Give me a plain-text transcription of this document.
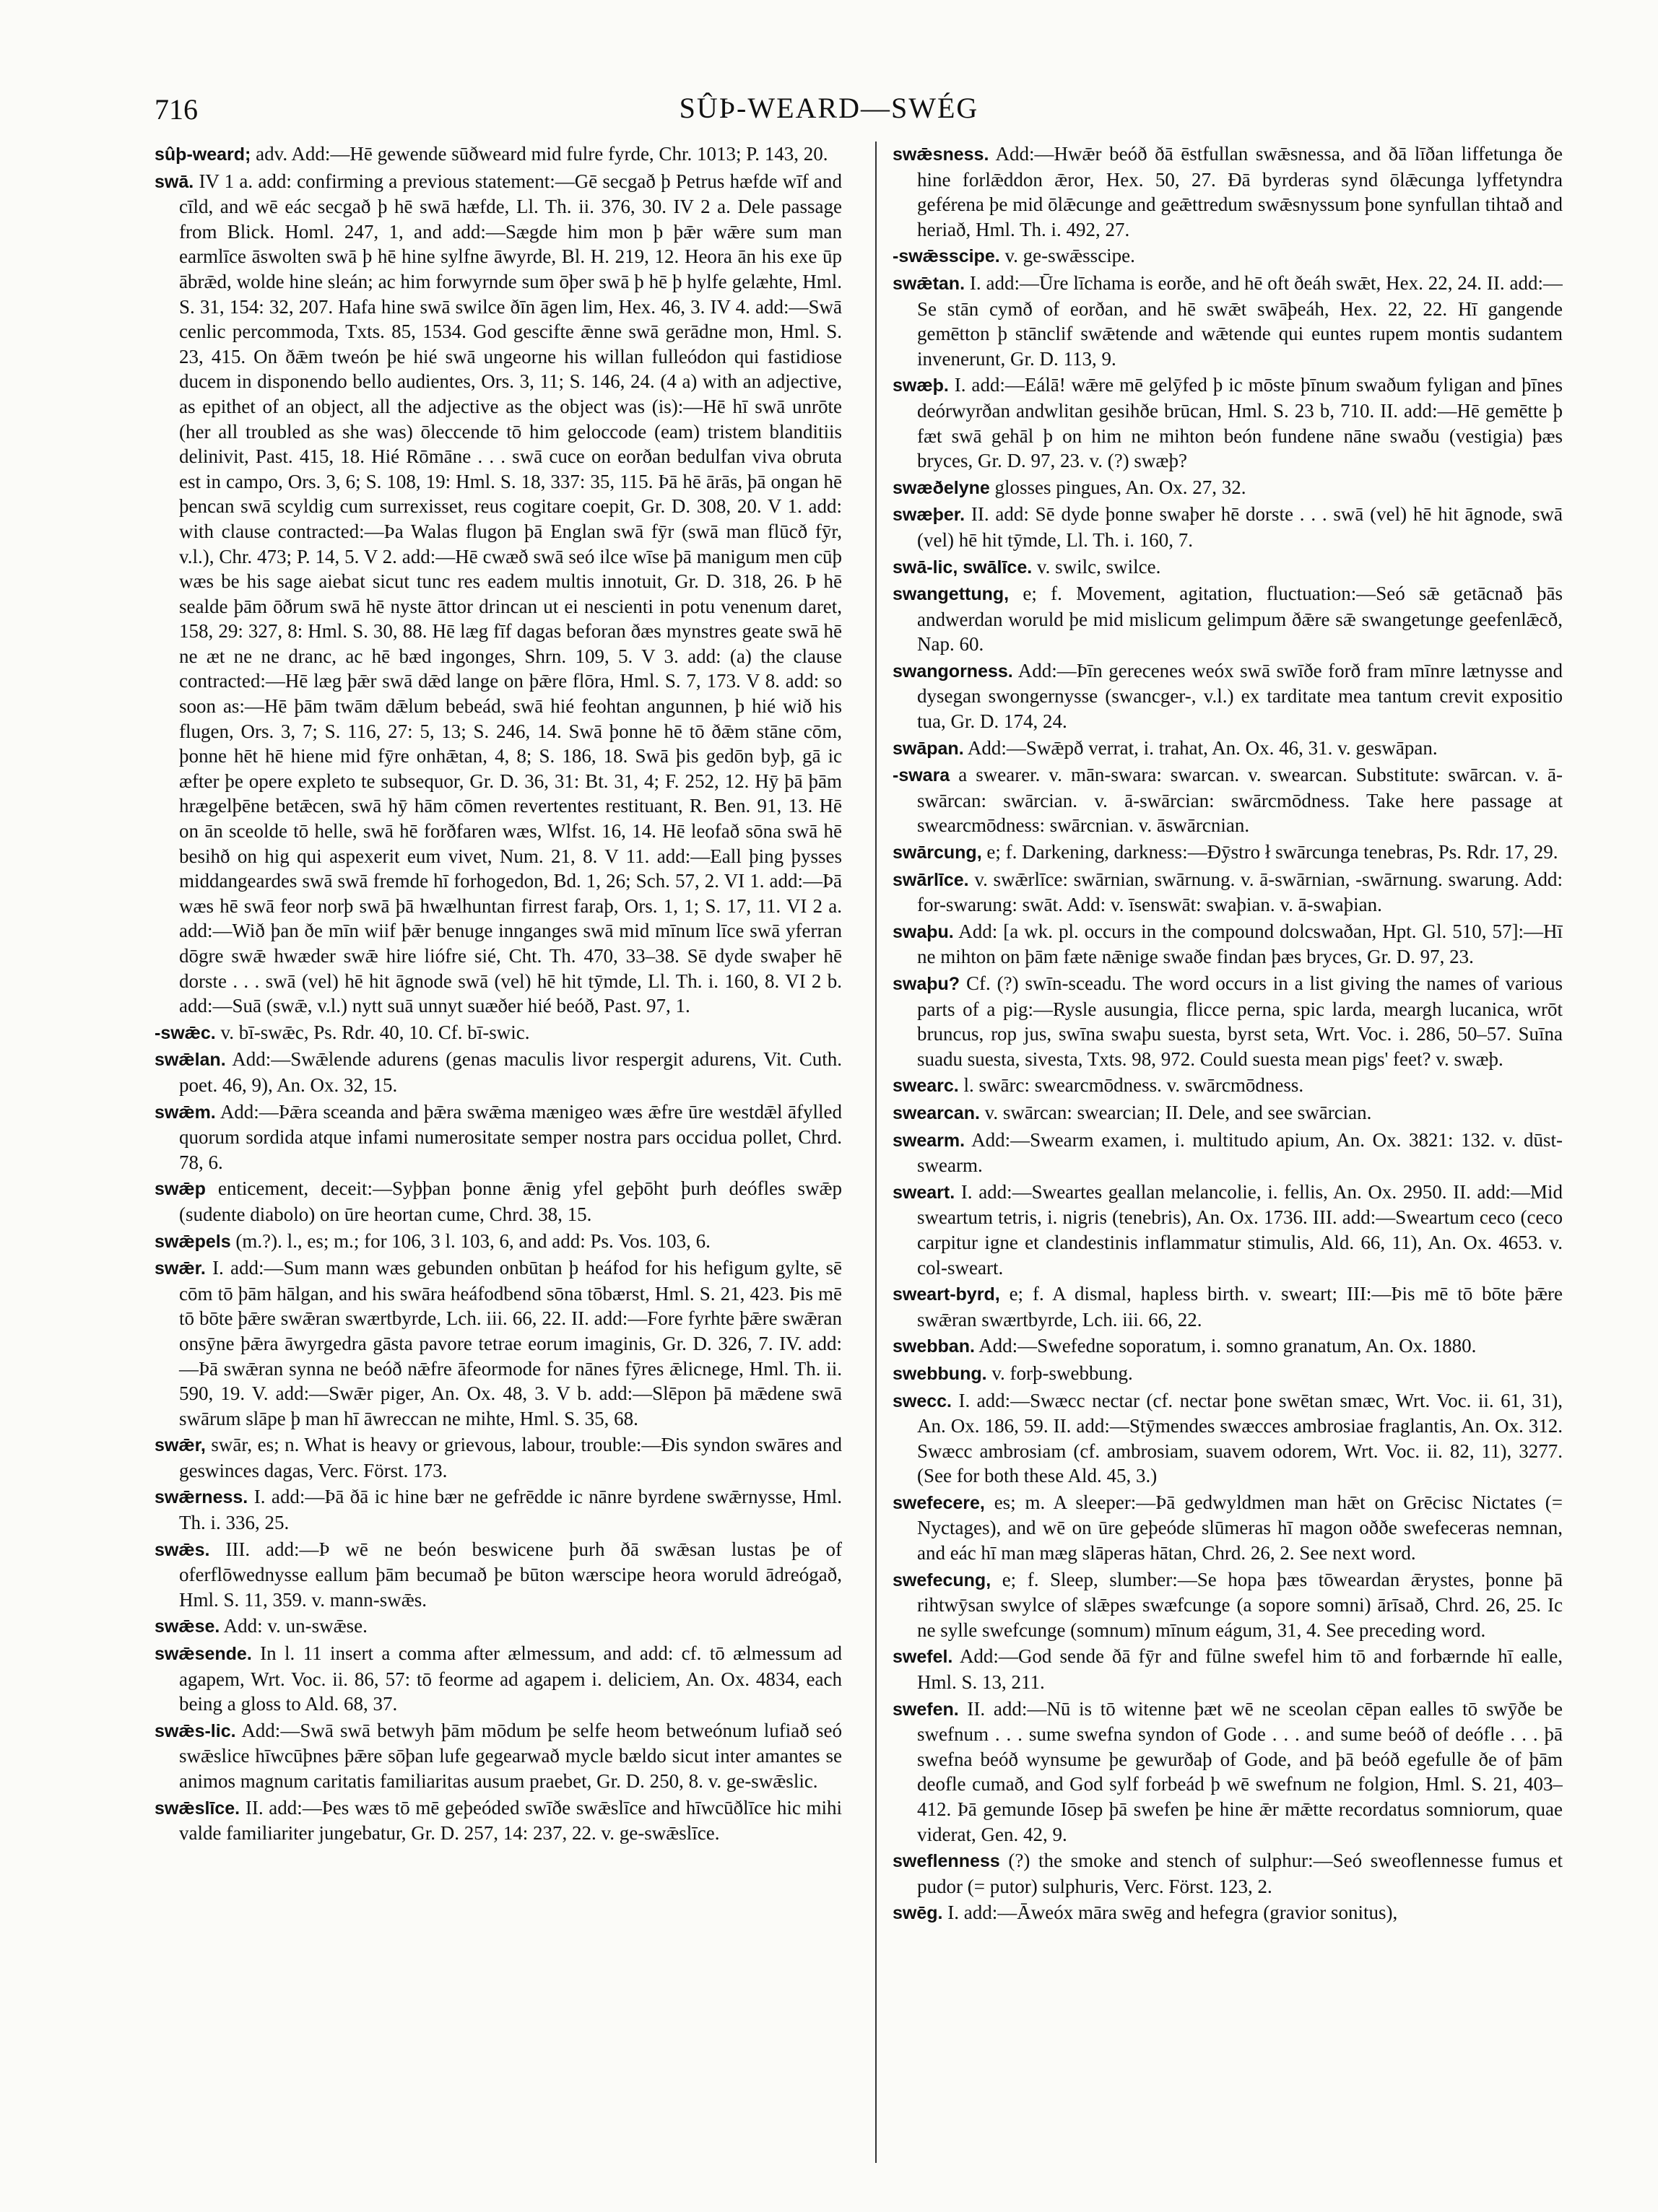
716	SÛÞ-WEARD—SWÉG

sûþ-weard; adv. Add:—Hē gewende sūðweard mid fulre fyrde, Chr. 1013; P. 143, 20.

swā. IV 1 a. add: confirming a previous statement:—Gē secgað þ Petrus hæfde wīf and cīld, and wē eác secgað þ hē swā hæfde, Ll. Th. ii. 376, 30. IV 2 a. Dele passage from Blick. Homl. 247, 1, and add:—Sægde him mon þ þǣr wǣre sum man earmlīce āswolten swā þ hē hine sylfne āwyrde, Bl. H. 219, 12. Heora ān his exe ūp ābrǣd, wolde hine sleán; ac him forwyrnde sum ōþer swā þ hē þ hylfe gelæhte, Hml. S. 31, 154: 32, 207. Hafa hine swā swilce ðīn āgen lim, Hex. 46, 3. IV 4. add:—Swā cenlic percommoda, Txts. 85, 1534. God gescifte ǣnne swā gerādne mon, Hml. S. 23, 415. On ðǣm tweón þe hié swā ungeorne his willan fulleódon qui fastidiose ducem in disponendo bello audientes, Ors. 3, 11; S. 146, 24. (4 a) with an adjective, as epithet of an object, all the adjective as the object was (is):—Hē hī swā unrōte (her all troubled as she was) ōleccende tō him geloccode (eam) tristem blanditiis delinivit, Past. 415, 18. Hié Rōmāne . . . swā cuce on eorðan bedulfan viva obruta est in campo, Ors. 3, 6; S. 108, 19: Hml. S. 18, 337: 35, 115. Þā hē ārās, þā ongan hē þencan swā scyldig cum surrexisset, reus cogitare coepit, Gr. D. 308, 20. V 1. add: with clause contracted:—Þa Walas flugon þā Englan swā fȳr (swā man flūcð fȳr, v.l.), Chr. 473; P. 14, 5. V 2. add:—Hē cwæð swā seó ilce wīse þā manigum men cūþ wæs be his sage aiebat sicut tunc res eadem multis innotuit, Gr. D. 318, 26. Þ hē sealde þām ōðrum swā hē nyste āttor drincan ut ei nescienti in potu venenum daret, 158, 29: 327, 8: Hml. S. 30, 88. Hē læg fīf dagas beforan ðæs mynstres geate swā hē ne æt ne ne dranc, ac hē bæd ingonges, Shrn. 109, 5. V 3. add: (a) the clause contracted:—Hē læg þǣr swā dǣd lange on þǣre flōra, Hml. S. 7, 173. V 8. add: so soon as:—Hē þām twām dǣlum bebeád, swā hié feohtan angunnen, þ hié wið his flugen, Ors. 3, 7; S. 116, 27: 5, 13; S. 246, 14. Swā þonne hē tō ðǣm stāne cōm, þonne hēt hē hiene mid fȳre onhǣtan, 4, 8; S. 186, 18. Swā þis gedōn byþ, gā ic æfter þe opere expleto te subsequor, Gr. D. 36, 31: Bt. 31, 4; F. 252, 12. Hȳ þā þām hrægelþēne betǣcen, swā hȳ hām cōmen revertentes restituant, R. Ben. 91, 13. Hē on ān sceolde tō helle, swā hē forðfaren wæs, Wlfst. 16, 14. Hē leofað sōna swā hē besihð on hig qui aspexerit eum vivet, Num. 21, 8. V 11. add:—Eall þing þysses middangeardes swā swā fremde hī forhogedon, Bd. 1, 26; Sch. 57, 2. VI 1. add:—Þā wæs hē swā feor norþ swā þā hwælhuntan firrest faraþ, Ors. 1, 1; S. 17, 11. VI 2 a. add:—Wið þan ðe mīn wiif þǣr benuge innganges swā mid mīnum līce swā yferran dōgre swǣ hwæder swǣ hire liófre sié, Cht. Th. 470, 33–38. Sē dyde swaþer hē dorste . . . swā (vel) hē hit āgnode swā (vel) hē hit tȳmde, Ll. Th. i. 160, 8. VI 2 b. add:—Suā (swǣ, v.l.) nytt suā unnyt suæðer hié beóð, Past. 97, 1.

-swǣc. v. bī-swǣc, Ps. Rdr. 40, 10. Cf. bī-swic.

swǣlan. Add:—Swǣlende adurens (genas maculis livor respergit adurens, Vit. Cuth. poet. 46, 9), An. Ox. 32, 15.

swǣm. Add:—Þǣra sceanda and þǣra swǣma mænigeo wæs ǣfre ūre westdǣl āfylled quorum sordida atque infami numerositate semper nostra pars occidua pollet, Chrd. 78, 6.

swǣp enticement, deceit:—Syþþan þonne ǣnig yfel geþōht þurh deófles swǣp (sudente diabolo) on ūre heortan cume, Chrd. 38, 15.

swǣpels (m.?). l., es; m.; for 106, 3 l. 103, 6, and add: Ps. Vos. 103, 6.

swǣr. I. add:—Sum mann wæs gebunden onbūtan þ heáfod for his hefigum gylte, sē cōm tō þām hālgan, and his swāra heáfodbend sōna tōbærst, Hml. S. 21, 423. Þis mē tō bōte þǣre swǣran swærtbyrde, Lch. iii. 66, 22. II. add:—Fore fyrhte þǣre swǣran onsȳne þǣra āwyrgedra gāsta pavore tetrae eorum imaginis, Gr. D. 326, 7. IV. add:—Þā swǣran synna ne beóð nǣfre āfeormode for nānes fȳres ǣlicnege, Hml. Th. ii. 590, 19. V. add:—Swǣr piger, An. Ox. 48, 3. V b. add:—Slēpon þā mǣdene swā swārum slāpe þ man hī āwreccan ne mihte, Hml. S. 35, 68.

swǣr, swār, es; n. What is heavy or grievous, labour, trouble:—Ðis syndon swāres and geswinces dagas, Verc. Först. 173.

swǣrness. I. add:—Þā ðā ic hine bær ne gefrēdde ic nānre byrdene swǣrnysse, Hml. Th. i. 336, 25.

swǣs. III. add:—Þ wē ne beón beswicene þurh ðā swǣsan lustas þe of oferflōwednysse eallum þām becumað þe būton wærscipe heora woruld ādreógað, Hml. S. 11, 359. v. mann-swǣs.

swǣse. Add: v. un-swǣse.

swǣsende. In l. 11 insert a comma after ælmessum, and add: cf. tō ælmessum ad agapem, Wrt. Voc. ii. 86, 57: tō feorme ad agapem i. deliciem, An. Ox. 4834, each being a gloss to Ald. 68, 37.

swǣs-lic. Add:—Swā swā betwyh þām mōdum þe selfe heom betweónum lufiað seó swǣslice hīwcūþnes þǣre sōþan lufe gegearwað mycle bældo sicut inter amantes se animos magnum caritatis familiaritas ausum praebet, Gr. D. 250, 8. v. ge-swǣslic.

swǣslīce. II. add:—Þes wæs tō mē geþeóded swīðe swǣslīce and hīwcūðlīce hic mihi valde familiariter jungebatur, Gr. D. 257, 14: 237, 22. v. ge-swǣslīce.

swǣsness. Add:—Hwǣr beóð ðā ēstfullan swǣsnessa, and ðā līðan liffetunga ðe hine forlǣddon ǣror, Hex. 50, 27. Ðā byrderas synd ōlǣcunga lyffetyndra geférena þe mid ōlǣcunge and geǣttredum swǣsnyssum þone synfullan tihtað and heriað, Hml. Th. i. 492, 27.

-swǣsscipe. v. ge-swǣsscipe.

swǣtan. I. add:—Ūre līchama is eorðe, and hē oft ðeáh swǣt, Hex. 22, 24. II. add:—Se stān cymð of eorðan, and hē swǣt swāþeáh, Hex. 22, 22. Hī gangende gemētton þ stānclif swǣtende and wǣtende qui euntes rupem montis sudantem invenerunt, Gr. D. 113, 9.

swæþ. I. add:—Eálā! wǣre mē gelȳfed þ ic mōste þīnum swaðum fyligan and þīnes deórwyrðan andwlitan gesihðe brūcan, Hml. S. 23 b, 710. II. add:—Hē gemētte þ fæt swā gehāl þ on him ne mihton beón fundene nāne swaðu (vestigia) þæs bryces, Gr. D. 97, 23. v. (?) swæþ?

swæðelyne glosses pingues, An. Ox. 27, 32.

swæþer. II. add: Sē dyde þonne swaþer hē dorste . . . swā (vel) hē hit āgnode, swā (vel) hē hit tȳmde, Ll. Th. i. 160, 7.

swā-lic, swālīce. v. swilc, swilce.

swangettung, e; f. Movement, agitation, fluctuation:—Seó sǣ getācnað þās andwerdan woruld þe mid mislicum gelimpum ðǣre sǣ swangetunge geefenlǣcð, Nap. 60.

swangorness. Add:—Þīn gerecenes weóx swā swīðe forð fram mīnre lætnysse and dysegan swongernysse (swancger-, v.l.) ex tarditate mea tantum crevit expositio tua, Gr. D. 174, 24.

swāpan. Add:—Swǣpð verrat, i. trahat, An. Ox. 46, 31. v. geswāpan.

-swara a swearer. v. mān-swara: swarcan. v. swearcan. Substitute: swārcan. v. ā-swārcan: swārcian. v. ā-swārcian: swārcmōdness. Take here passage at swearcmōdness: swārcnian. v. āswārcnian.

swārcung, e; f. Darkening, darkness:—Ðȳstro ł swārcunga tenebras, Ps. Rdr. 17, 29.

swārlīce. v. swǣrlīce: swārnian, swārnung. v. ā-swārnian, -swārnung. swarung. Add: for-swarung: swāt. Add: v. īsenswāt: swaþian. v. ā-swaþian.

swaþu. Add: [a wk. pl. occurs in the compound dolcswaðan, Hpt. Gl. 510, 57]:—Hī ne mihton on þām fæte nǣnige swaðe findan þæs bryces, Gr. D. 97, 23.

swaþu? Cf. (?) swīn-sceadu. The word occurs in a list giving the names of various parts of a pig:—Rysle ausungia, flicce perna, spic larda, meargh lucanica, wrōt bruncus, rop jus, swīna swaþu suesta, byrst seta, Wrt. Voc. i. 286, 50–57. Suīna suadu suesta, sivesta, Txts. 98, 972. Could suesta mean pigs' feet? v. swæþ.

swearc. l. swārc: swearcmōdness. v. swārcmōdness.

swearcan. v. swārcan: swearcian; II. Dele, and see swārcian.

swearm. Add:—Swearm examen, i. multitudo apium, An. Ox. 3821: 132. v. dūst-swearm.

sweart. I. add:—Sweartes geallan melancolie, i. fellis, An. Ox. 2950. II. add:—Mid sweartum tetris, i. nigris (tenebris), An. Ox. 1736. III. add:—Sweartum ceco (ceco carpitur igne et clandestinis inflammatur stimulis, Ald. 66, 11), An. Ox. 4653. v. col-sweart.

sweart-byrd, e; f. A dismal, hapless birth. v. sweart; III:—Þis mē tō bōte þǣre swǣran swærtbyrde, Lch. iii. 66, 22.

swebban. Add:—Swefedne soporatum, i. somno granatum, An. Ox. 1880.

swebbung. v. forþ-swebbung.

swecc. I. add:—Swæcc nectar (cf. nectar þone swētan smæc, Wrt. Voc. ii. 61, 31), An. Ox. 186, 59. II. add:—Stȳmendes swæcces ambrosiae fraglantis, An. Ox. 312. Swæcc ambrosiam (cf. ambrosiam, suavem odorem, Wrt. Voc. ii. 82, 11), 3277. (See for both these Ald. 45, 3.)

swefecere, es; m. A sleeper:—Þā gedwyldmen man hǣt on Grēcisc Nictates (= Nyctages), and wē on ūre geþeóde slūmeras hī magon oððe swefeceras nemnan, and eác hī man mæg slāperas hātan, Chrd. 26, 2. See next word.

swefecung, e; f. Sleep, slumber:—Se hopa þæs tōweardan ǣrystes, þonne þā rihtwȳsan swylce of slǣpes swæfcunge (a sopore somni) ārīsað, Chrd. 26, 25. Ic ne sylle swefcunge (somnum) mīnum eágum, 31, 4. See preceding word.

swefel. Add:—God sende ðā fȳr and fūlne swefel him tō and forbærnde hī ealle, Hml. S. 13, 211.

swefen. II. add:—Nū is tō witenne þæt wē ne sceolan cēpan ealles tō swȳðe be swefnum . . . sume swefna syndon of Gode . . . and sume beóð of deófle . . . þā swefna beóð wynsume þe gewurðaþ of Gode, and þā beóð egefulle ðe of þām deofle cumað, and God sylf forbeád þ wē swefnum ne folgion, Hml. S. 21, 403–412. Þā gemunde Iōsep þā swefen þe hine ǣr mǣtte recordatus somniorum, quae viderat, Gen. 42, 9.

sweflenness (?) the smoke and stench of sulphur:—Seó sweoflennesse fumus et pudor (= putor) sulphuris, Verc. Först. 123, 2.

swēg. I. add:—Āweóx māra swēg and hefegra (gravior sonitus),
